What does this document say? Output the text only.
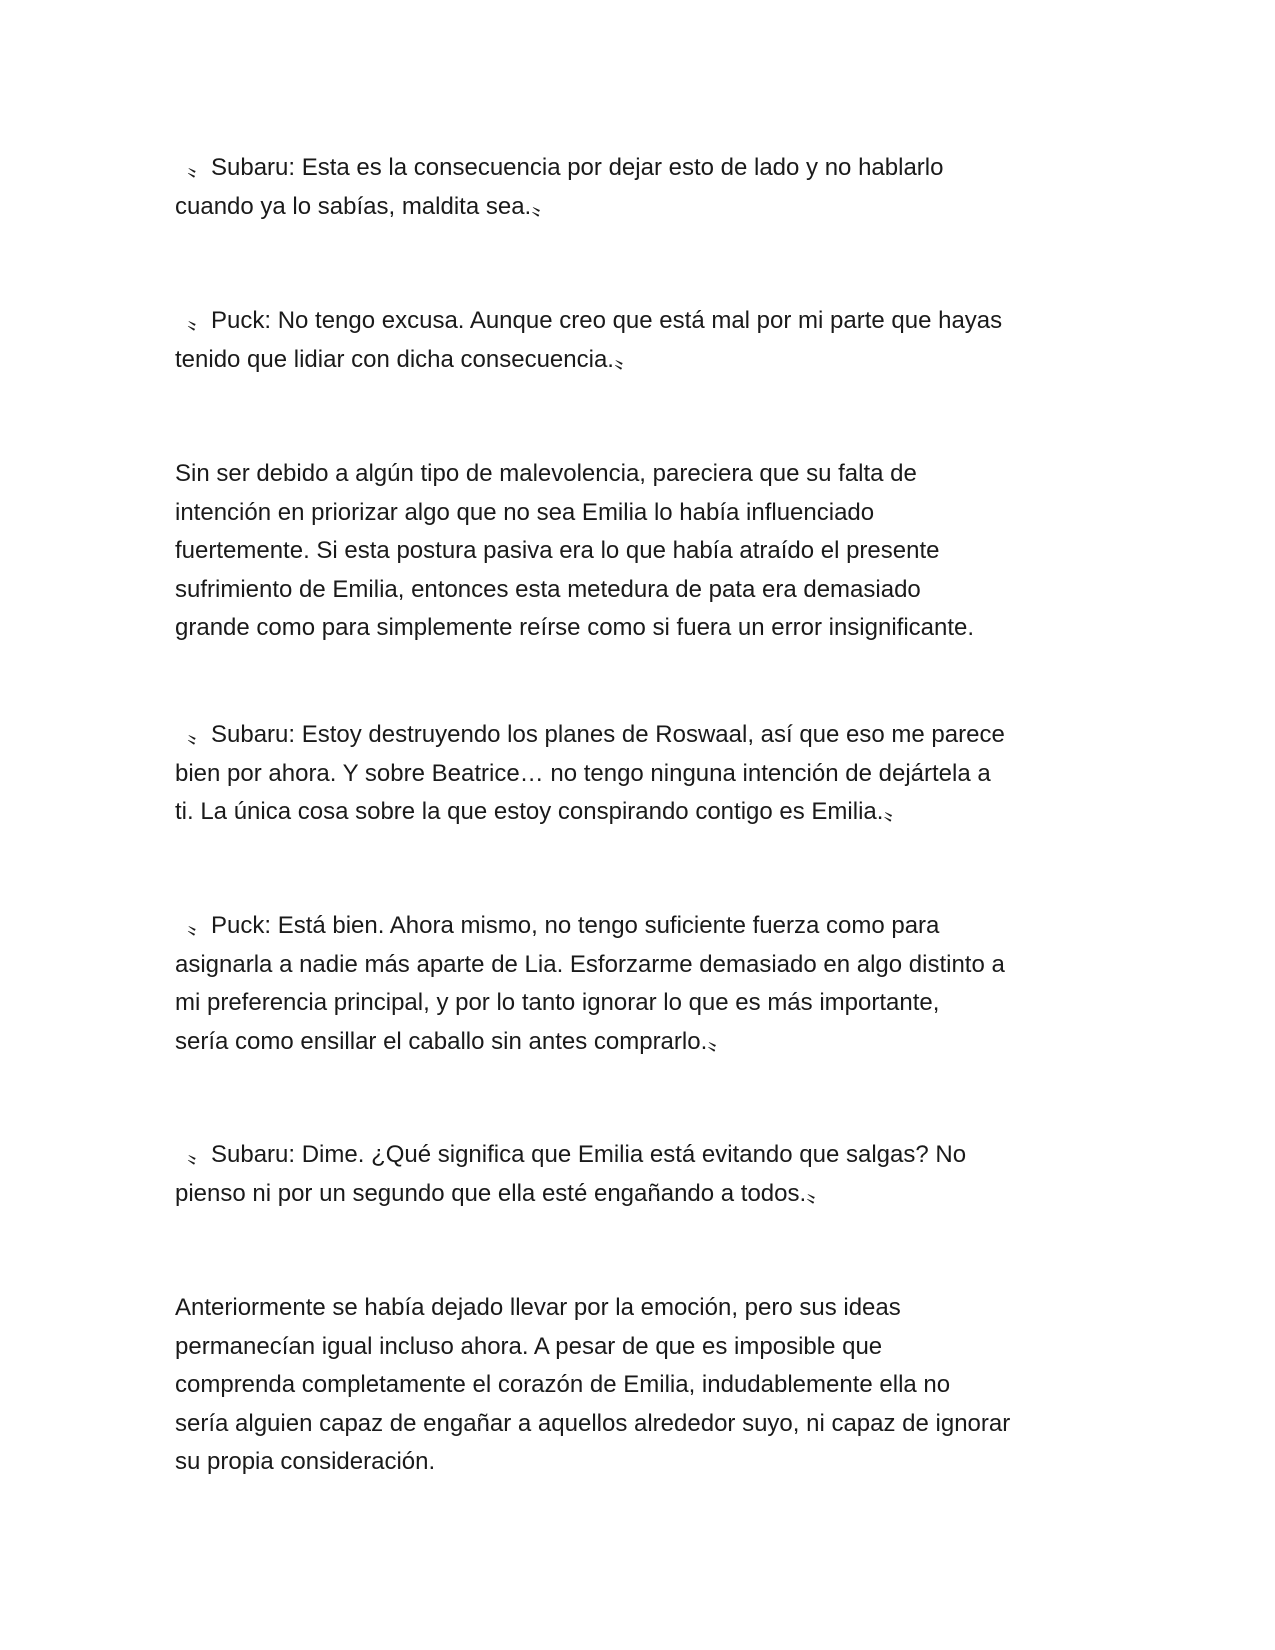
〟Subaru: Esta es la consecuencia por dejar esto de lado y no hablarlo
cuando ya lo sabías, maldita sea.〟

〟Puck: No tengo excusa. Aunque creo que está mal por mi parte que hayas
tenido que lidiar con dicha consecuencia.〟

Sin ser debido a algún tipo de malevolencia, pareciera que su falta de
intención en priorizar algo que no sea Emilia lo había influenciado
fuertemente. Si esta postura pasiva era lo que había atraído el presente
sufrimiento de Emilia, entonces esta metedura de pata era demasiado
grande como para simplemente reírse como si fuera un error insignificante.

〟Subaru: Estoy destruyendo los planes de Roswaal, así que eso me parece
bien por ahora. Y sobre Beatrice… no tengo ninguna intención de dejártela a
ti. La única cosa sobre la que estoy conspirando contigo es Emilia.〟

〟Puck: Está bien. Ahora mismo, no tengo suficiente fuerza como para
asignarla a nadie más aparte de Lia. Esforzarme demasiado en algo distinto a
mi preferencia principal, y por lo tanto ignorar lo que es más importante,
sería como ensillar el caballo sin antes comprarlo.〟

〟Subaru: Dime. ¿Qué significa que Emilia está evitando que salgas? No
pienso ni por un segundo que ella esté engañando a todos.〟

Anteriormente se había dejado llevar por la emoción, pero sus ideas
permanecían igual incluso ahora. A pesar de que es imposible que
comprenda completamente el corazón de Emilia, indudablemente ella no
sería alguien capaz de engañar a aquellos alrededor suyo, ni capaz de ignorar
su propia consideración.
